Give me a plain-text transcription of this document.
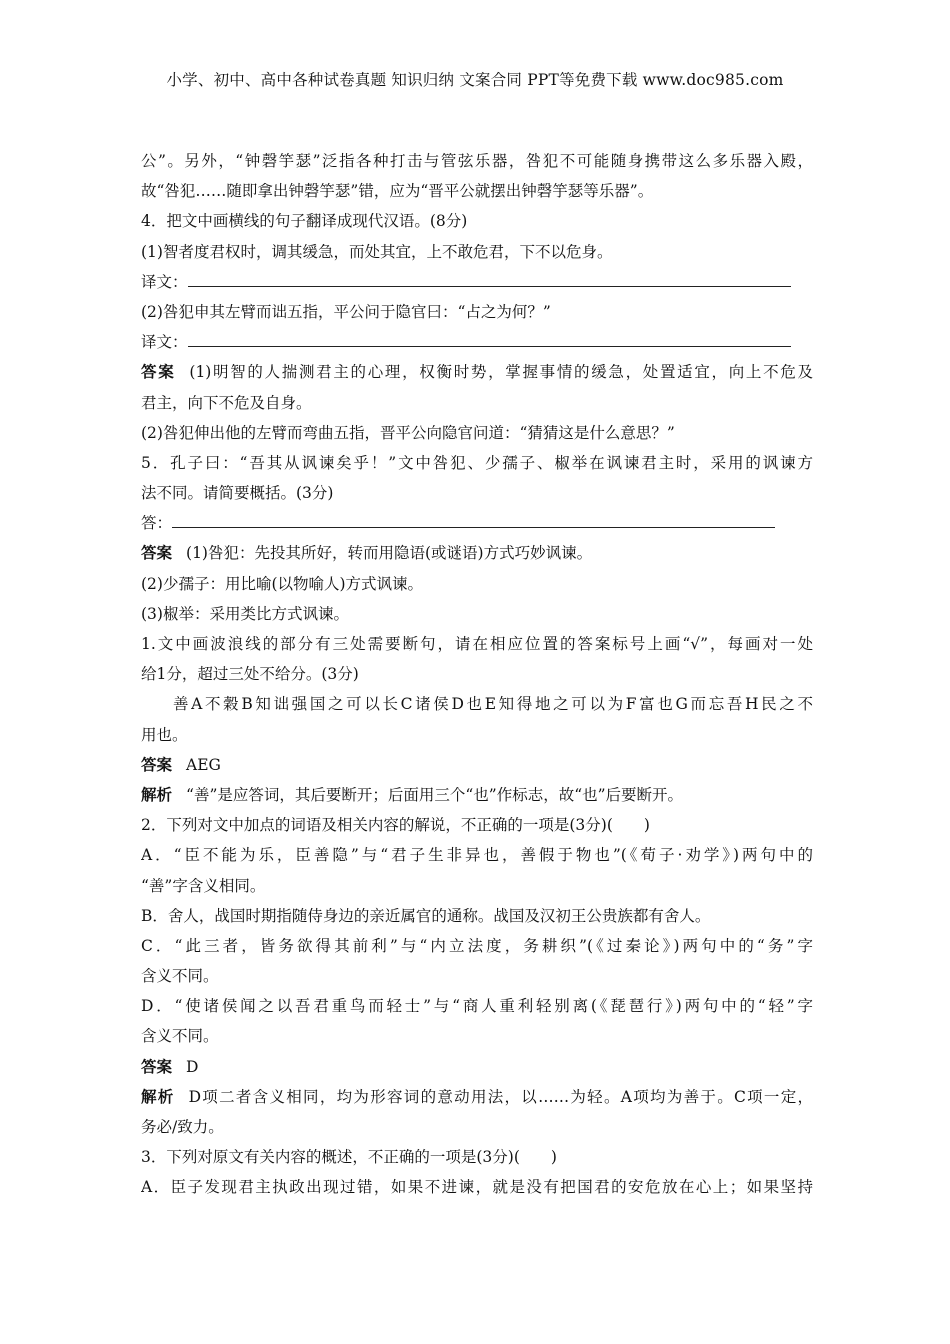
小学、初中、高中各种试卷真题 知识归纳 文案合同 PPT等免费下载 www.doc985.com
公”。另外，“钟磬竽瑟”泛指各种打击与管弦乐器，咎犯不可能随身携带这么多乐器入殿，
故“咎犯……随即拿出钟磬竽瑟”错，应为“晋平公就摆出钟磬竽瑟等乐器”。
4．把文中画横线的句子翻译成现代汉语。(8分)
(1)智者度君权时，调其缓急，而处其宜，上不敢危君，下不以危身。
译文：
(2)咎犯申其左臂而诎五指，平公问于隐官曰：“占之为何？”
译文：
答案 (1)明智的人揣测君主的心理，权衡时势，掌握事情的缓急，处置适宜，向上不危及
君主，向下不危及自身。
(2)咎犯伸出他的左臂而弯曲五指，晋平公向隐官问道：“猜猜这是什么意思？”
5．孔子曰：“吾其从讽谏矣乎！”文中咎犯、少孺子、椒举在讽谏君主时，采用的讽谏方
法不同。请简要概括。(3分)
答：
答案 (1)咎犯：先投其所好，转而用隐语(或谜语)方式巧妙讽谏。
(2)少孺子：用比喻(以物喻人)方式讽谏。
(3)椒举：采用类比方式讽谏。
1.文中画波浪线的部分有三处需要断句，请在相应位置的答案标号上画“√”，每画对一处
给1分，超过三处不给分。(3分)
善A不穀B知诎强国之可以长C诸侯D也E知得地之可以为F富也G而忘吾H民之不
用也。
答案 AEG
解析 “善”是应答词，其后要断开；后面用三个“也”作标志，故“也”后要断开。
2．下列对文中加点的词语及相关内容的解说，不正确的一项是(3分)(　　)
A．“臣不能为乐，臣善隐”与“君子生非异也，善假于物也”(《荀子·劝学》)两句中的
“善”字含义相同。
B．舍人，战国时期指随侍身边的亲近属官的通称。战国及汉初王公贵族都有舍人。
C．“此三者，皆务欲得其前利”与“内立法度，务耕织”(《过秦论》)两句中的“务”字
含义不同。
D．“使诸侯闻之以吾君重鸟而轻士”与“商人重利轻别离(《琵琶行》)两句中的“轻”字
含义不同。
答案 D
解析 D项二者含义相同，均为形容词的意动用法，以……为轻。A项均为善于。C项一定，
务必/致力。
3．下列对原文有关内容的概述，不正确的一项是(3分)(　　)
A．臣子发现君主执政出现过错，如果不进谏，就是没有把国君的安危放在心上；如果坚持
